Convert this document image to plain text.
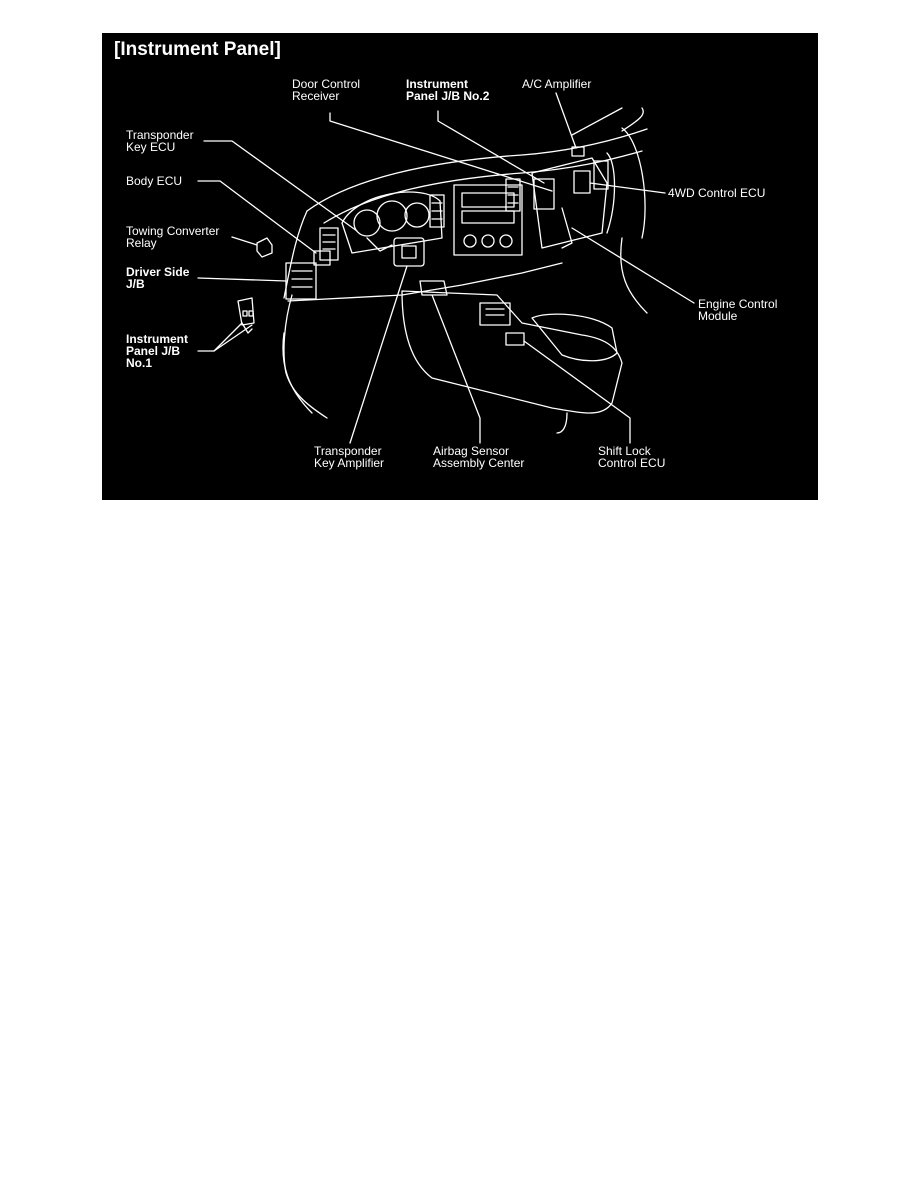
[Instrument Panel]
Door Control
Receiver
Instrument
Panel J/B No.2
A/C Amplifier
Transponder
Key ECU
Body ECU
Towing Converter
Relay
Driver Side
J/B
Instrument
Panel J/B
No.1
4WD Control ECU
Engine Control
Module
Transponder
Key Amplifier
Airbag Sensor
Assembly Center
Shift Lock
Control ECU
